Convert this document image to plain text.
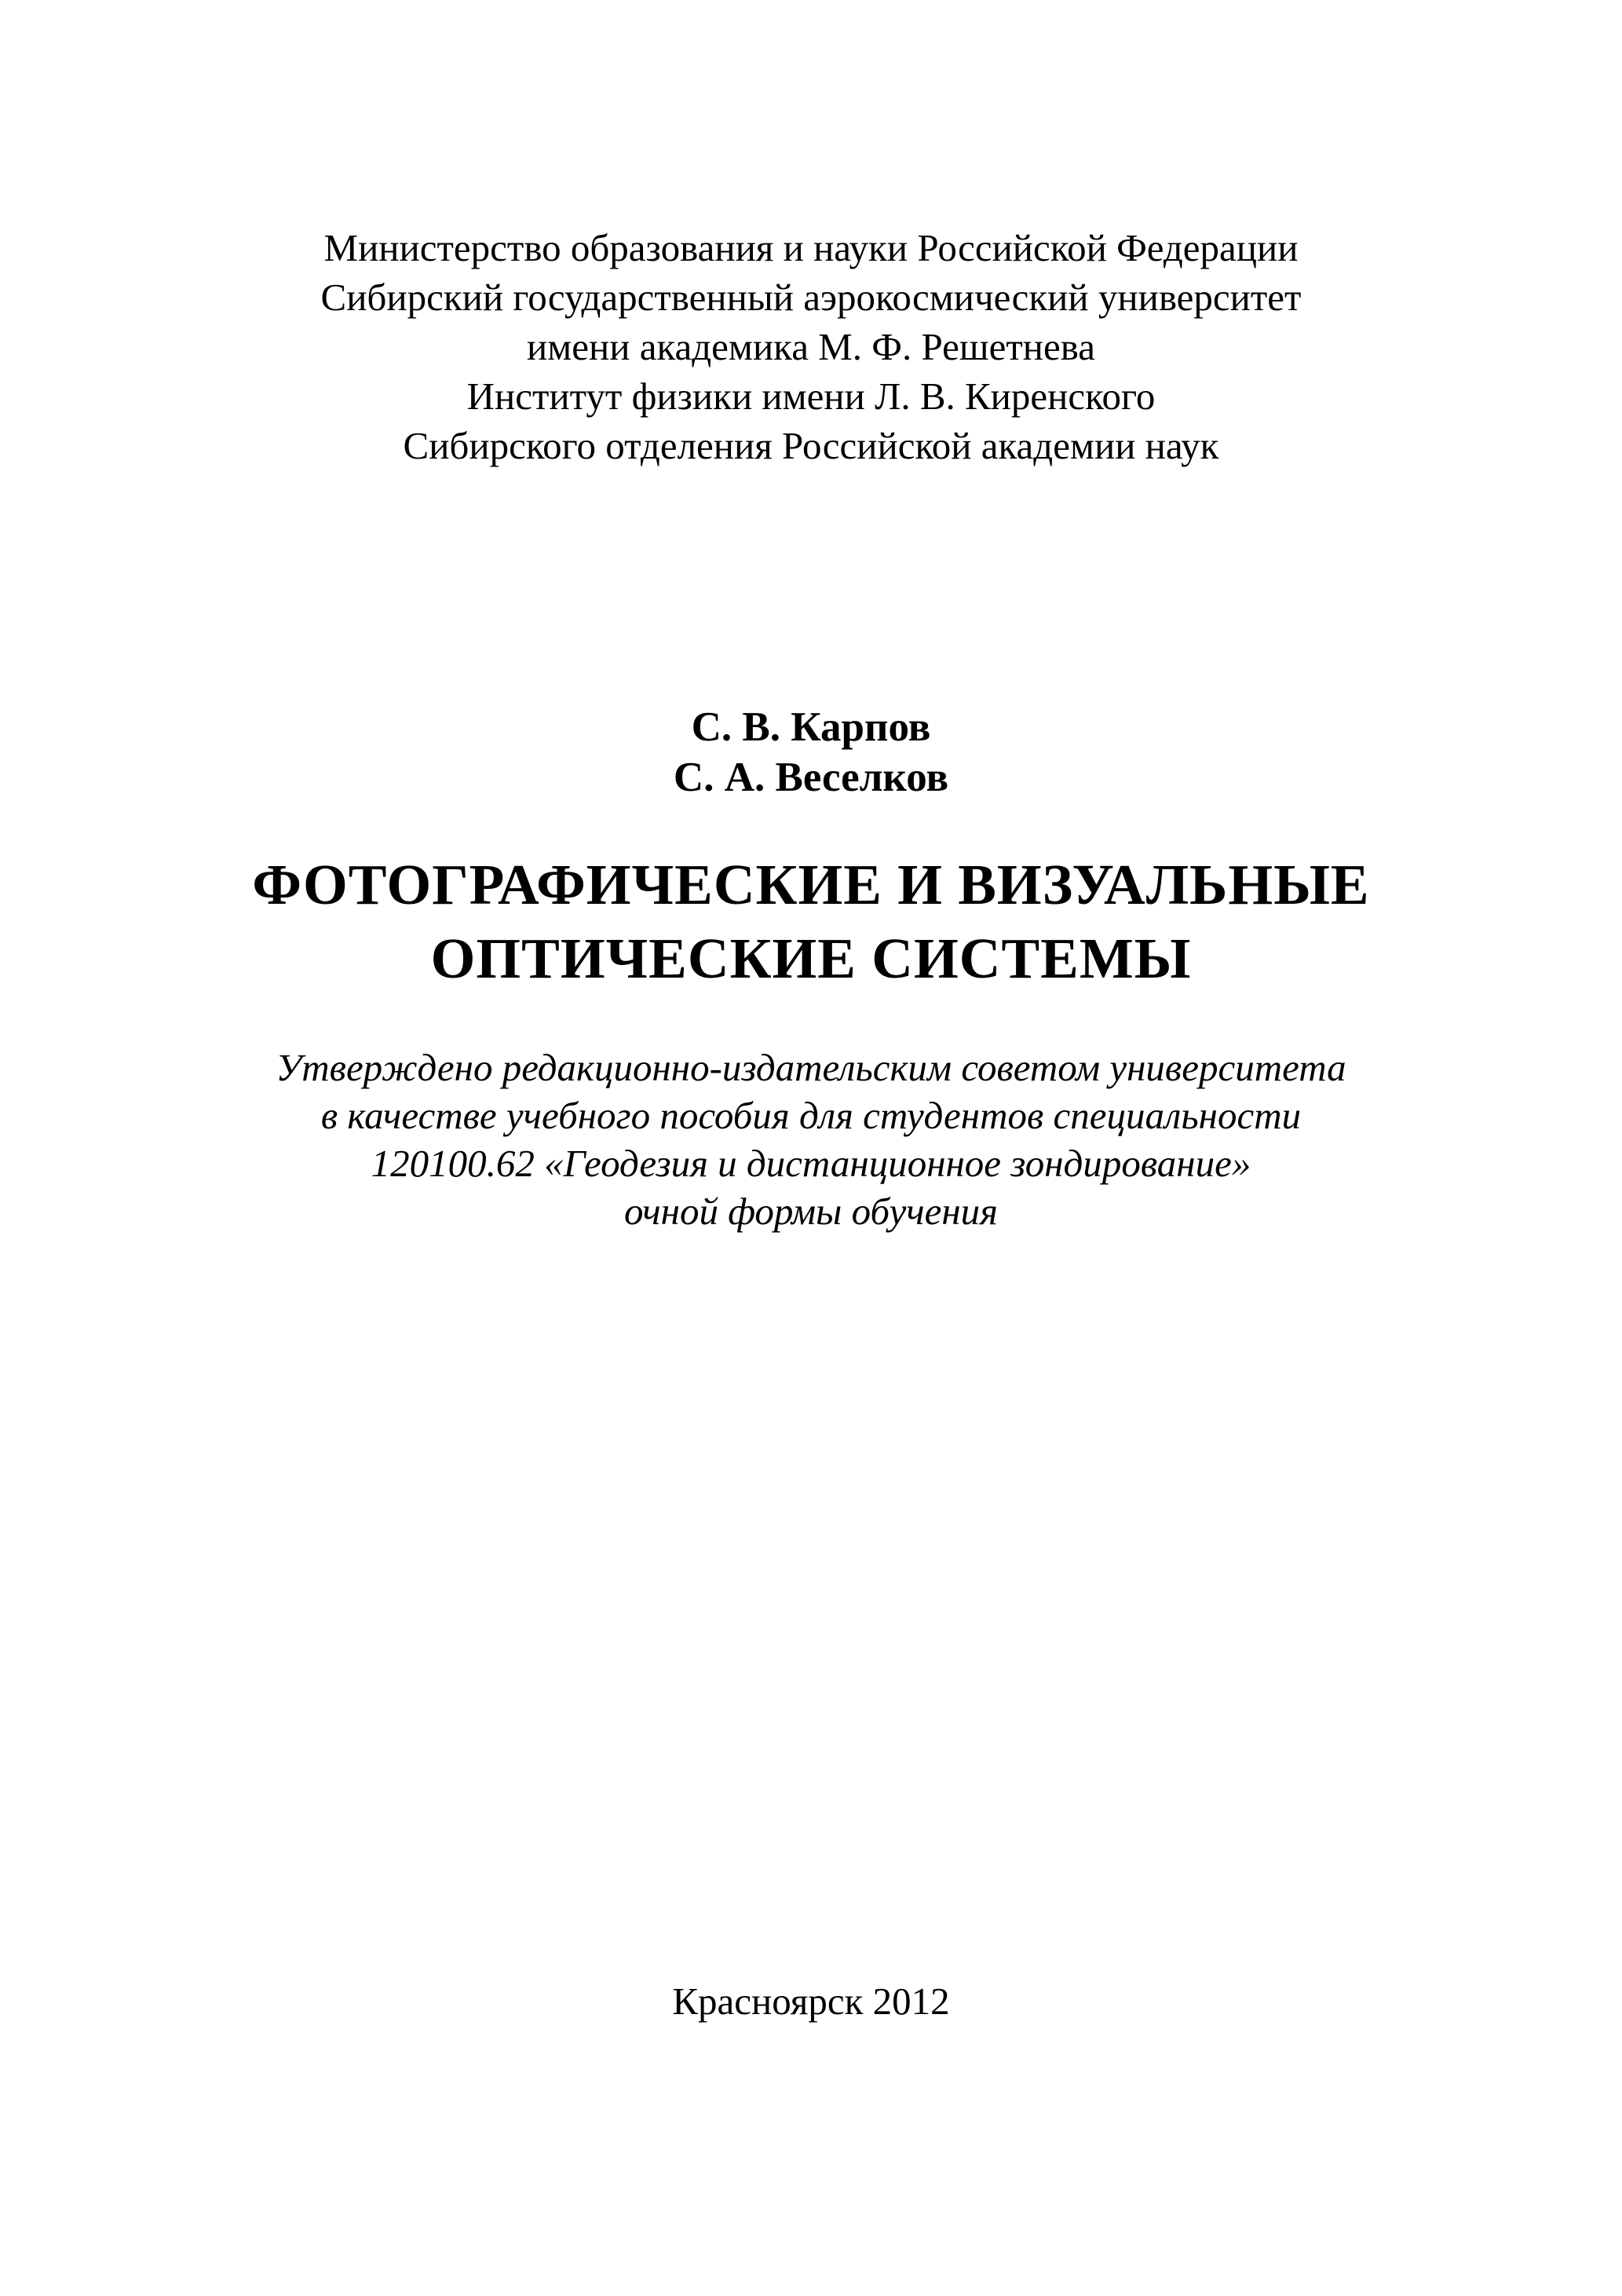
Министерство образования и науки Российской Федерации
Сибирский государственный аэрокосмический университет
имени академика М. Ф. Решетнева
Институт физики имени Л. В. Киренского
Сибирского отделения Российской академии наук
С. В. Карпов
С. А. Веселков
ФОТОГРАФИЧЕСКИЕ И ВИЗУАЛЬНЫЕ
ОПТИЧЕСКИЕ СИСТЕМЫ
Утверждено редакционно-издательским советом университета
в качестве учебного пособия для студентов специальности
120100.62 «Геодезия и дистанционное зондирование»
очной формы обучения
Красноярск 2012
